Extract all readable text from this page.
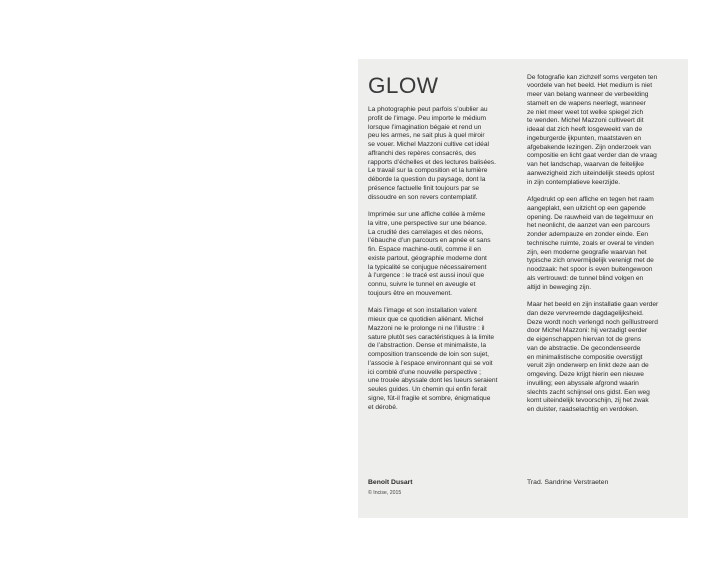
GLOW

La photographie peut parfois s’oublier au
profit de l’image. Peu importe le médium
lorsque l’imagination bégaie et rend un
peu les armes, ne sait plus à quel miroir
se vouer. Michel Mazzoni cultive cet idéal
affranchi des repères consacrés, des
rapports d’échelles et des lectures balisées.
Le travail sur la composition et la lumière
déborde la question du paysage, dont la
présence factuelle finit toujours par se
dissoudre en son revers contemplatif.

Imprimée sur une affiche collée à même
la vitre, une perspective sur une béance.
La crudité des carrelages et des néons,
l’ébauche d’un parcours en apnée et sans
fin. Espace machine-outil, comme il en
existe partout, géographie moderne dont
la typicalité se conjugue nécessairement
à l’urgence : le tracé est aussi inouï que
connu, suivre le tunnel en aveugle et
toujours être en mouvement.

Mais l’image et son installation valent
mieux que ce quotidien aliénant. Michel
Mazzoni ne le prolonge ni ne l’illustre : il
sature plutôt ses caractéristiques à la limite
de l’abstraction. Dense et minimaliste, la
composition transcende de loin son sujet,
l’associe à l’espace environnant qui se voit
ici comblé d’une nouvelle perspective ;
une trouée abyssale dont les lueurs seraient
seules guides. Un chemin qui enfin ferait
signe, fût-il fragile et sombre, énigmatique
et dérobé.

De fotografie kan zichzelf soms vergeten ten
voordele van het beeld. Het medium is niet
meer van belang wanneer de verbeelding
stamelt en de wapens neerlegt, wanneer
ze niet meer weet tot welke spiegel zich
te wenden. Michel Mazzoni cultiveert dit
ideaal dat zich heeft losgeweekt van de
ingeburgerde ijkpunten, maatstaven en
afgebakende lezingen. Zijn onderzoek van
compositie en licht gaat verder dan de vraag
van het landschap, waarvan de feitelijke
aanwezigheid zich uiteindelijk steeds oplost
in zijn contemplatieve keerzijde.

Afgedrukt op een affiche en tegen het raam
aangeplakt, een uitzicht op een gapende
opening. De rauwheid van de tegelmuur en
het neonlicht, de aanzet van een parcours
zonder adempauze en zonder einde. Een
technische ruimte, zoals er overal te vinden
zijn, een moderne geografie waarvan het
typische zich onvermijdelijk verenigt met de
noodzaak: het spoor is even buitengewoon
als vertrouwd: de tunnel blind volgen en
altijd in beweging zijn.

Maar het beeld en zijn installatie gaan verder
dan deze vervreemde dagdagelijksheid.
Deze wordt noch verlengd noch geïllustreerd
door Michel Mazzoni: hij verzadigt eerder
de eigenschappen hiervan tot de grens
van de abstractie. De gecondenseerde
en minimalistische compositie overstijgt
veruit zijn onderwerp en linkt deze aan de
omgeving. Deze krijgt hierin een nieuwe
invulling; een abyssale afgrond waarin
slechts zacht schijnsel ons gidst. Een weg
komt uiteindelijk tevoorschijn, zij het zwak
en duister, raadselachtig en verdoken.

Benoît Dusart
© Incise, 2015
Trad. Sandrine Verstraeten
